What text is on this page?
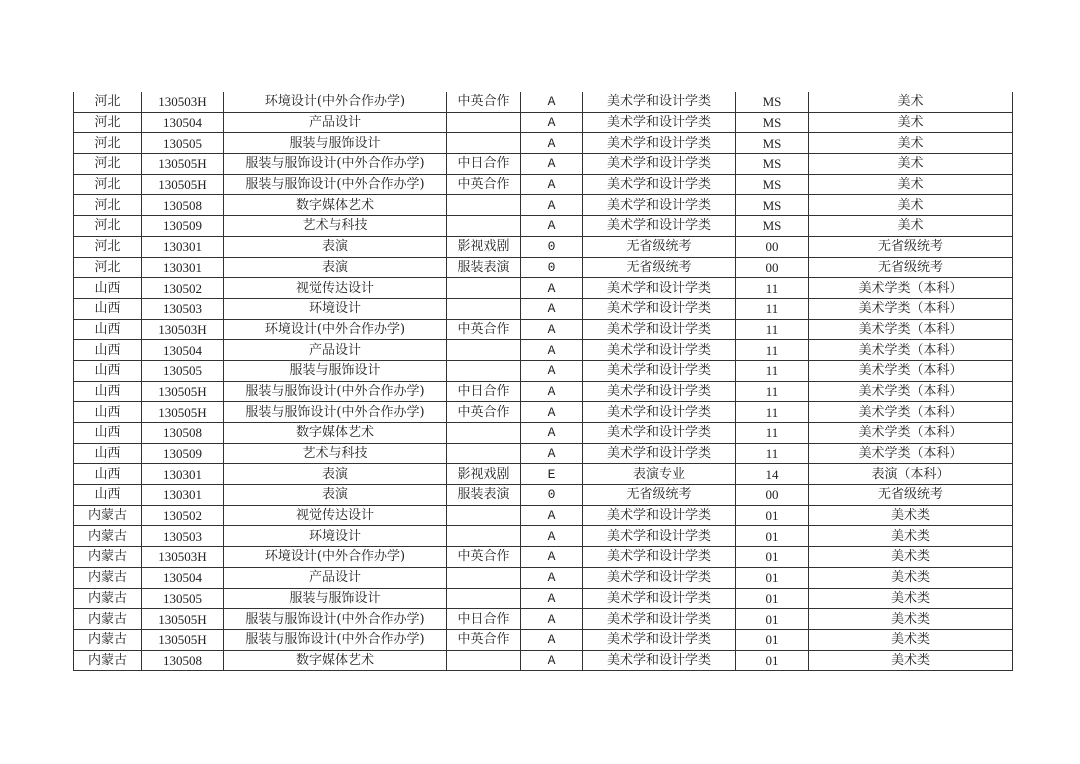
河北	130503H	环境设计(中外合作办学)	中英合作	A	美术学和设计学类	MS	美术
河北	130504	产品设计		A	美术学和设计学类	MS	美术
河北	130505	服装与服饰设计		A	美术学和设计学类	MS	美术
河北	130505H	服装与服饰设计(中外合作办学)	中日合作	A	美术学和设计学类	MS	美术
河北	130505H	服装与服饰设计(中外合作办学)	中英合作	A	美术学和设计学类	MS	美术
河北	130508	数字媒体艺术		A	美术学和设计学类	MS	美术
河北	130509	艺术与科技		A	美术学和设计学类	MS	美术
河北	130301	表演	影视戏剧	0	无省级统考	00	无省级统考
河北	130301	表演	服装表演	0	无省级统考	00	无省级统考
山西	130502	视觉传达设计		A	美术学和设计学类	11	美术学类（本科）
山西	130503	环境设计		A	美术学和设计学类	11	美术学类（本科）
山西	130503H	环境设计(中外合作办学)	中英合作	A	美术学和设计学类	11	美术学类（本科）
山西	130504	产品设计		A	美术学和设计学类	11	美术学类（本科）
山西	130505	服装与服饰设计		A	美术学和设计学类	11	美术学类（本科）
山西	130505H	服装与服饰设计(中外合作办学)	中日合作	A	美术学和设计学类	11	美术学类（本科）
山西	130505H	服装与服饰设计(中外合作办学)	中英合作	A	美术学和设计学类	11	美术学类（本科）
山西	130508	数字媒体艺术		A	美术学和设计学类	11	美术学类（本科）
山西	130509	艺术与科技		A	美术学和设计学类	11	美术学类（本科）
山西	130301	表演	影视戏剧	E	表演专业	14	表演（本科）
山西	130301	表演	服装表演	0	无省级统考	00	无省级统考
内蒙古	130502	视觉传达设计		A	美术学和设计学类	01	美术类
内蒙古	130503	环境设计		A	美术学和设计学类	01	美术类
内蒙古	130503H	环境设计(中外合作办学)	中英合作	A	美术学和设计学类	01	美术类
内蒙古	130504	产品设计		A	美术学和设计学类	01	美术类
内蒙古	130505	服装与服饰设计		A	美术学和设计学类	01	美术类
内蒙古	130505H	服装与服饰设计(中外合作办学)	中日合作	A	美术学和设计学类	01	美术类
内蒙古	130505H	服装与服饰设计(中外合作办学)	中英合作	A	美术学和设计学类	01	美术类
内蒙古	130508	数字媒体艺术		A	美术学和设计学类	01	美术类
